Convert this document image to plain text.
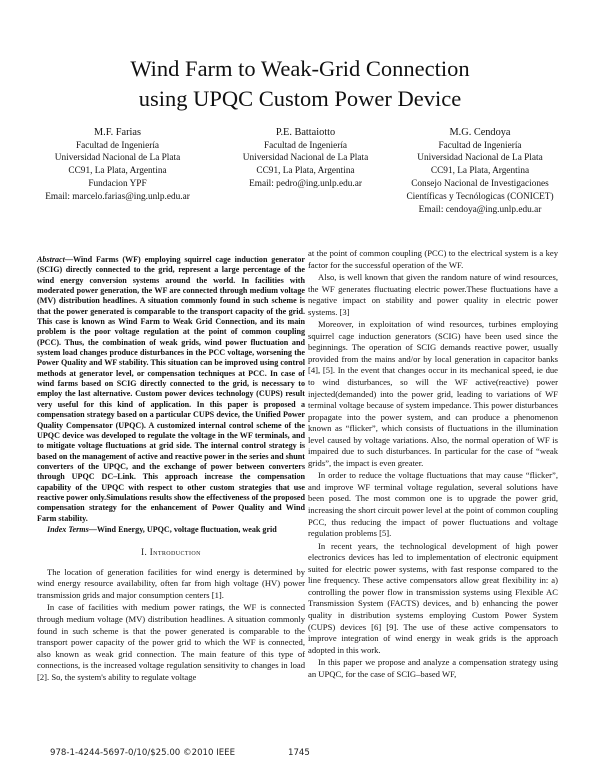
Wind Farm to Weak-Grid Connection
using UPQC Custom Power Device
M.F. Farias
Facultad de Ingeniería
Universidad Nacional de La Plata
CC91, La Plata, Argentina
Fundacion YPF
Email: marcelo.farias@ing.unlp.edu.ar
P.E. Battaiotto
Facultad de Ingeniería
Universidad Nacional de La Plata
CC91, La Plata, Argentina
Email: pedro@ing.unlp.edu.ar
M.G. Cendoya
Facultad de Ingeniería
Universidad Nacional de La Plata
CC91, La Plata, Argentina
Consejo Nacional de Investigaciones
Científicas y Tecnólogicas (CONICET)
Email: cendoya@ing.unlp.edu.ar
Abstract—Wind Farms (WF) employing squirrel cage induction generator (SCIG) directly connected to the grid, represent a large percentage of the wind energy conversion systems around the world. In facilities with moderated power generation, the WF are connected through medium voltage (MV) distribution headlines. A situation commonly found in such scheme is that the power generated is comparable to the transport capacity of the grid. This case is known as Wind Farm to Weak Grid Connection, and its main problem is the poor voltage regulation at the point of common coupling (PCC). Thus, the combination of weak grids, wind power fluctuation and system load changes produce disturbances in the PCC voltage, worsening the Power Quality and WF stability. This situation can be improved using control methods at generator level, or compensation techniques at PCC. In case of wind farms based on SCIG directly connected to the grid, is necessary to employ the last alternative. Custom power devices technology (CUPS) result very useful for this kind of application. In this paper is proposed a compensation strategy based on a particular CUPS device, the Unified Power Quality Compensator (UPQC). A customized internal control scheme of the UPQC device was developed to regulate the voltage in the WF terminals, and to mitigate voltage fluctuations at grid side. The internal control strategy is based on the management of active and reactive power in the series and shunt converters of the UPQC, and the exchange of power between converters through UPQC DC–Link. This approach increase the compensation capability of the UPQC with respect to other custom strategies that use reactive power only.Simulations results show the effectiveness of the proposed compensation strategy for the enhancement of Power Quality and Wind Farm stability.
Index Terms—Wind Energy, UPQC, voltage fluctuation, weak grid
I. Introduction

The location of generation facilities for wind energy is determined by wind energy resource availability, often far from high voltage (HV) power transmission grids and major consumption centers [1].

In case of facilities with medium power ratings, the WF is connected through medium voltage (MV) distribution headlines. A situation commonly found in such scheme is that the power generated is comparable to the transport power capacity of the power grid to which the WF is connected, also known as weak grid connection. The main feature of this type of connections, is the increased voltage regulation sensitivity to changes in load [2]. So, the system's ability to regulate voltage

at the point of common coupling (PCC) to the electrical system is a key factor for the successful operation of the WF.

Also, is well known that given the random nature of wind resources, the WF generates fluctuating electric power.These fluctuations have a negative impact on stability and power quality in electric power systems. [3]

Moreover, in exploitation of wind resources, turbines employing squirrel cage induction generators (SCIG) have been used since the beginnings. The operation of SCIG demands reactive power, usually provided from the mains and/or by local generation in capacitor banks [4], [5]. In the event that changes occur in its mechanical speed, ie due to wind disturbances, so will the WF active(reactive) power injected(demanded) into the power grid, leading to variations of WF terminal voltage because of system impedance. This power disturbances propagate into the power system, and can produce a phenomenon known as “flicker”, which consists of fluctuations in the illumination level caused by voltage variations. Also, the normal operation of WF is impaired due to such disturbances. In particular for the case of “weak grids”, the impact is even greater.

In order to reduce the voltage fluctuations that may cause “flicker”, and improve WF terminal voltage regulation, several solutions have been posed. The most common one is to upgrade the power grid, increasing the short circuit power level at the point of common coupling PCC, thus reducing the impact of power fluctuations and voltage regulation problems [5].

In recent years, the technological development of high power electronics devices has led to implementation of electronic equipment suited for electric power systems, with fast response compared to the line frequency. These active compensators allow great flexibility in: a) controlling the power flow in transmission systems using Flexible AC Transmission System (FACTS) devices, and b) enhancing the power quality in distribution systems employing Custom Power System (CUPS) devices [6] [9]. The use of these active compensators to improve integration of wind energy in weak grids is the approach adopted in this work.

In this paper we propose and analyze a compensation strategy using an UPQC, for the case of SCIG–based WF,

978-1-4244-5697-0/10/$25.00 ©2010 IEEE	1745
